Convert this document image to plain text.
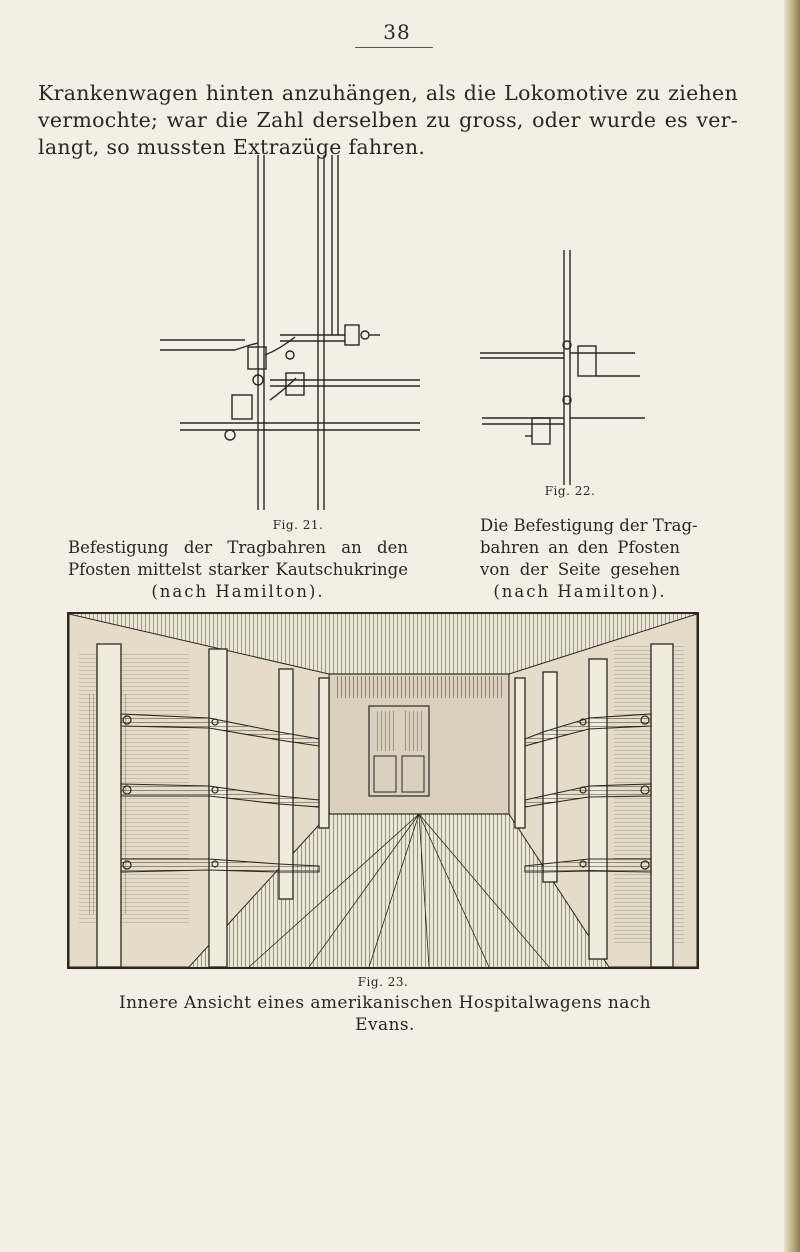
38
Krankenwagen hinten anzuhängen, als die Lokomotive zu ziehen
vermochte; war die Zahl derselben zu gross, oder wurde es ver-
langt, so mussten Extrazüge fahren.
Fig. 21.
Befestigung der Tragbahren an den
Pfosten mittelst starker Kautschukringe
(nach Hamilton).
Fig. 22.
Die Befestigung der Trag-
bahren an den Pfosten
von der Seite gesehen
(nach Hamilton).
Fig. 23.
Innere Ansicht eines amerikanischen Hospitalwagens nach Evans.
